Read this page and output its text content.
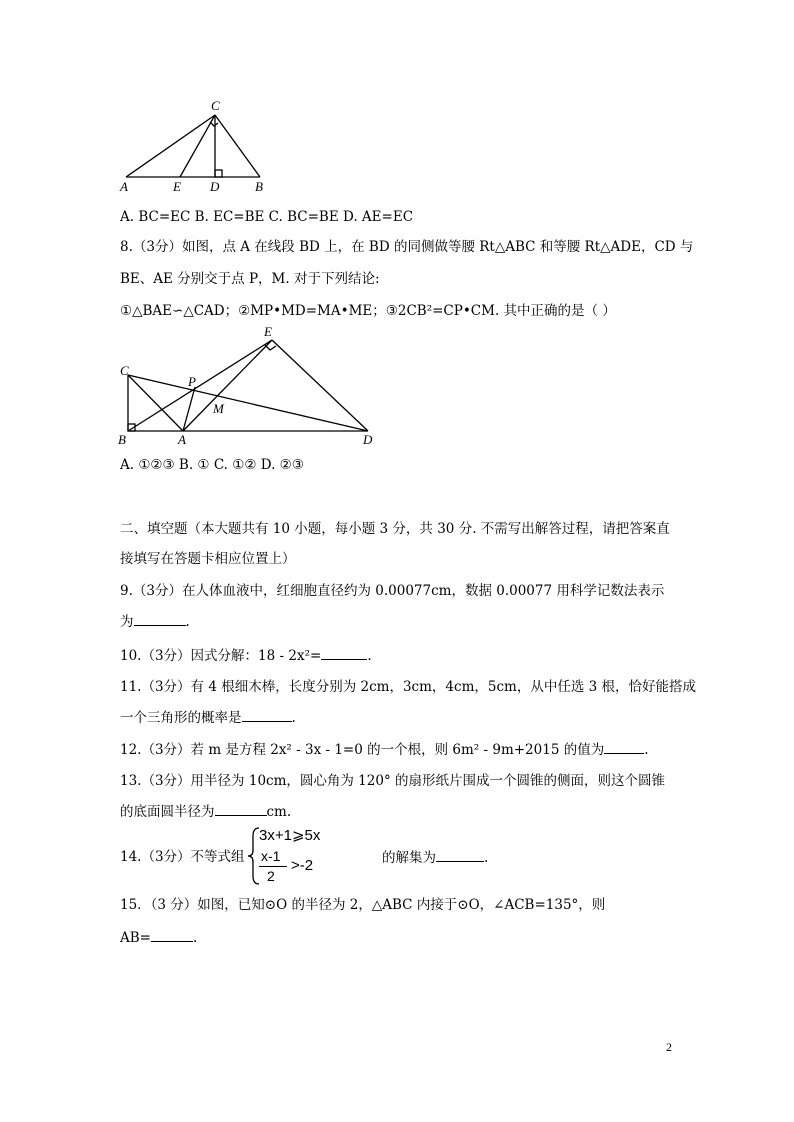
C
A	E D	B
A. BC=EC B. EC=BE C. BC=BE D. AE=EC
8.（3分）如图，点 A 在线段 BD 上，在 BD 的同侧做等腰 Rt△ABC 和等腰 Rt△ADE，CD 与
BE、AE 分别交于点 P，M. 对于下列结论:
①△BAE∽△CAD；②MP•MD=MA•ME；③2CB²=CP•CM. 其中正确的是（ ）
E
C
P
M
B	A	D
A. ①②③ B. ① C. ①② D. ②③
二、填空题（本大题共有 10 小题，每小题 3 分，共 30 分. 不需写出解答过程，请把答案直
接填写在答题卡相应位置上）
9.（3分）在人体血液中，红细胞直径约为 0.00077cm，数据 0.00077 用科学记数法表示
为	.
10.（3分）因式分解：18 - 2x²=	.
11.（3分）有 4 根细木棒，长度分别为 2cm，3cm，4cm，5cm，从中任选 3 根，恰好能搭成
一个三角形的概率是	.
12.（3分）若 m 是方程 2x² - 3x - 1=0 的一个根，则 6m² - 9m+2015 的值为	.
13.（3分）用半径为 10cm，圆心角为 120° 的扇形纸片围成一个圆锥的侧面，则这个圆锥
的底面圆半径为	cm.
14.（3分）不等式组
3x+1⩾5x
x-1
2
>-2	的解集为	.
15．（3 分）如图，已知⊙O 的半径为 2，△ABC 内接于⊙O，∠ACB=135°，则
AB=	.
2
